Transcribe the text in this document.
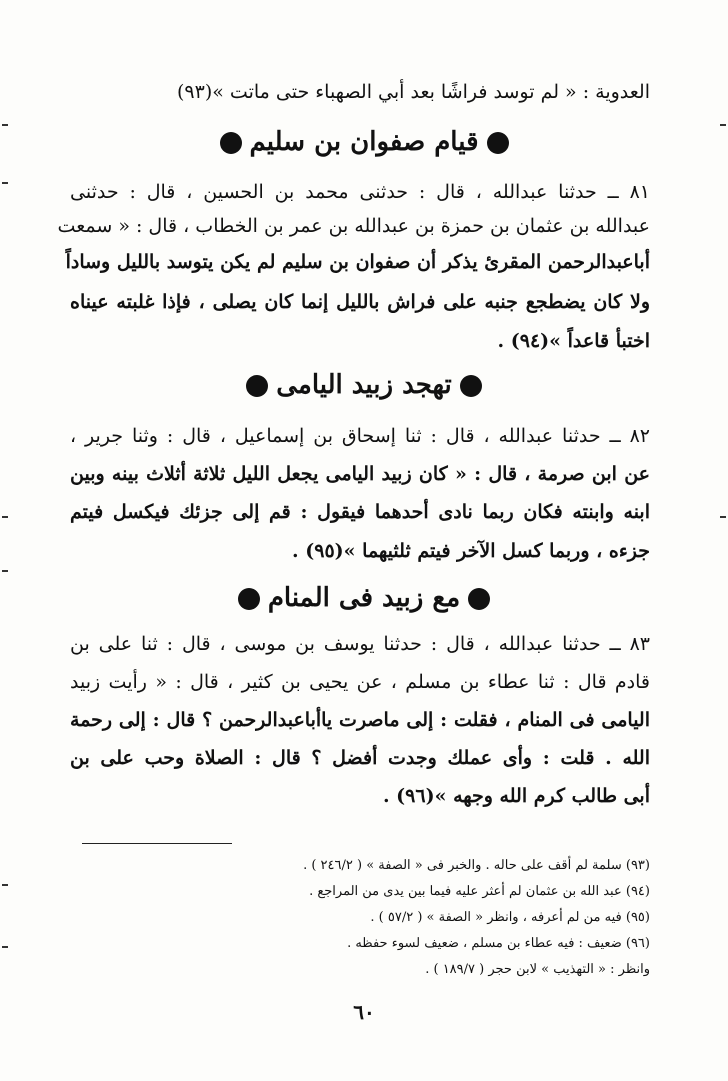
العدوية : « لم توسد فراشًا بعد أبي الصهباء حتى ماتت »(٩٣)
قيام صفوان بن سليم
٨١ ــ حدثنا عبدالله ، قال : حدثنى محمد بن الحسين ، قال : حدثنى
عبدالله بن عثمان بن حمزة بن عبدالله بن عمر بن الخطاب ، قال : « سمعت
أباعبدالرحمن المقرئ يذكر أن صفوان بن سليم لم يكن يتوسد بالليل وساداً
ولا كان يضطجع جنبه على فراش بالليل إنما كان يصلى ، فإذا غلبته عيناه
اختبأ قاعداً »(٩٤) .
تهجد زبيد اليامى
٨٢ ــ حدثنا عبدالله ، قال : ثنا إسحاق بن إسماعيل ، قال : وثنا جرير ،
عن ابن صرمة ، قال : « كان زبيد اليامى يجعل الليل ثلاثة أثلاث بينه وبين
ابنه وابنته فكان ربما نادى أحدهما فيقول : قم إلى جزئك فيكسل فيتم
جزءه ، وربما كسل الآخر فيتم ثلثيهما »(٩٥) .
مع زبيد فى المنام
٨٣ ــ حدثنا عبدالله ، قال : حدثنا يوسف بن موسى ، قال : ثنا على بن
قادم قال : ثنا عطاء بن مسلم ، عن يحيى بن كثير ، قال : « رأيت زبيد
اليامى فى المنام ، فقلت : إلى ماصرت ياأباعبدالرحمن ؟ قال : إلى رحمة
الله . قلت : وأى عملك وجدت أفضل ؟ قال : الصلاة وحب على بن
أبى طالب كرم الله وجهه »(٩٦) .
(٩٣) سلمة لم أقف على حاله . والخبر فى « الصفة » ( ٢٤٦/٢ ) .
(٩٤) عبد الله بن عثمان لم أعثر عليه فيما بين يدى من المراجع .
(٩٥) فيه من لم أعرفه ، وانظر « الصفة » ( ٥٧/٢ ) .
(٩٦) ضعيف : فيه عطاء بن مسلم ، ضعيف لسوء حفظه .
وانظر : « التهذيب » لابن حجر ( ١٨٩/٧ ) .
٦٠
